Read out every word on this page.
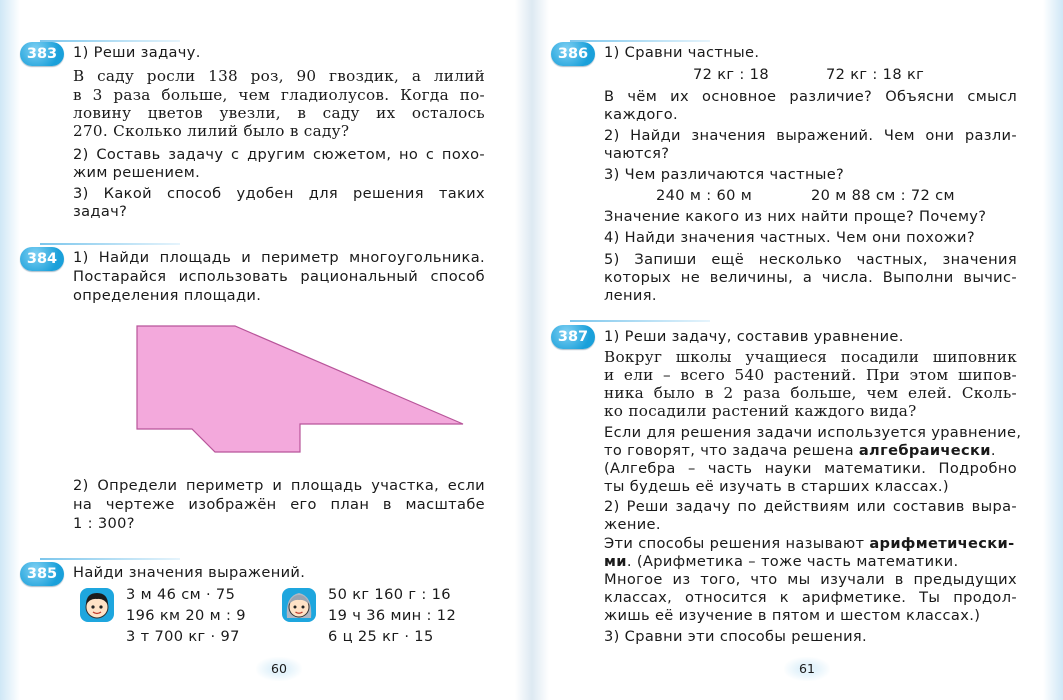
383	1) Реши задачу.
В саду росли 138 роз, 90 гвоздик, а лилий
в 3 раза больше, чем гладиолусов. Когда по-
ловину цветов увезли, в саду их осталось
270. Сколько лилий было в саду?
2) Составь задачу с другим сюжетом, но с похо-
жим решением.
3) Какой способ удобен для решения таких
задач?
384	1) Найди площадь и периметр многоугольника.
Постарайся использовать рациональный способ
определения площади.
2) Определи периметр и площадь участка, если
на чертеже изображён его план в масштабе
1 : 300?
385	Найди значения выражений.
3 м 46 см · 75
196 км 20 м : 9
3 т 700 кг · 97
50 кг 160 г : 16
19 ч 36 мин : 12
6 ц 25 кг · 15
60
386	1) Сравни частные.
72 кг : 18	72 кг : 18 кг
В чём их основное различие? Объясни смысл
каждого.
2) Найди значения выражений. Чем они разли-
чаются?
3) Чем различаются частные?
240 м : 60 м	20 м 88 см : 72 см
Значение какого из них найти проще? Почему?
4) Найди значения частных. Чем они похожи?
5) Запиши ещё несколько частных, значения
которых не величины, а числа. Выполни вычис-
ления.
387	1) Реши задачу, составив уравнение.
Вокруг школы учащиеся посадили шиповник
и ели – всего 540 растений. При этом шипов-
ника было в 2 раза больше, чем елей. Сколь-
ко посадили растений каждого вида?
Если для решения задачи используется уравнение,
то говорят, что задача решена алгебраически.
(Алгебра – часть науки математики. Подробно
ты будешь её изучать в старших классах.)
2) Реши задачу по действиям или составив выра-
жение.
Эти способы решения называют арифметически-
ми. (Арифметика – тоже часть математики.
Многое из того, что мы изучали в предыдущих
классах, относится к арифметике. Ты продол-
жишь её изучение в пятом и шестом классах.)
3) Сравни эти способы решения.
61
